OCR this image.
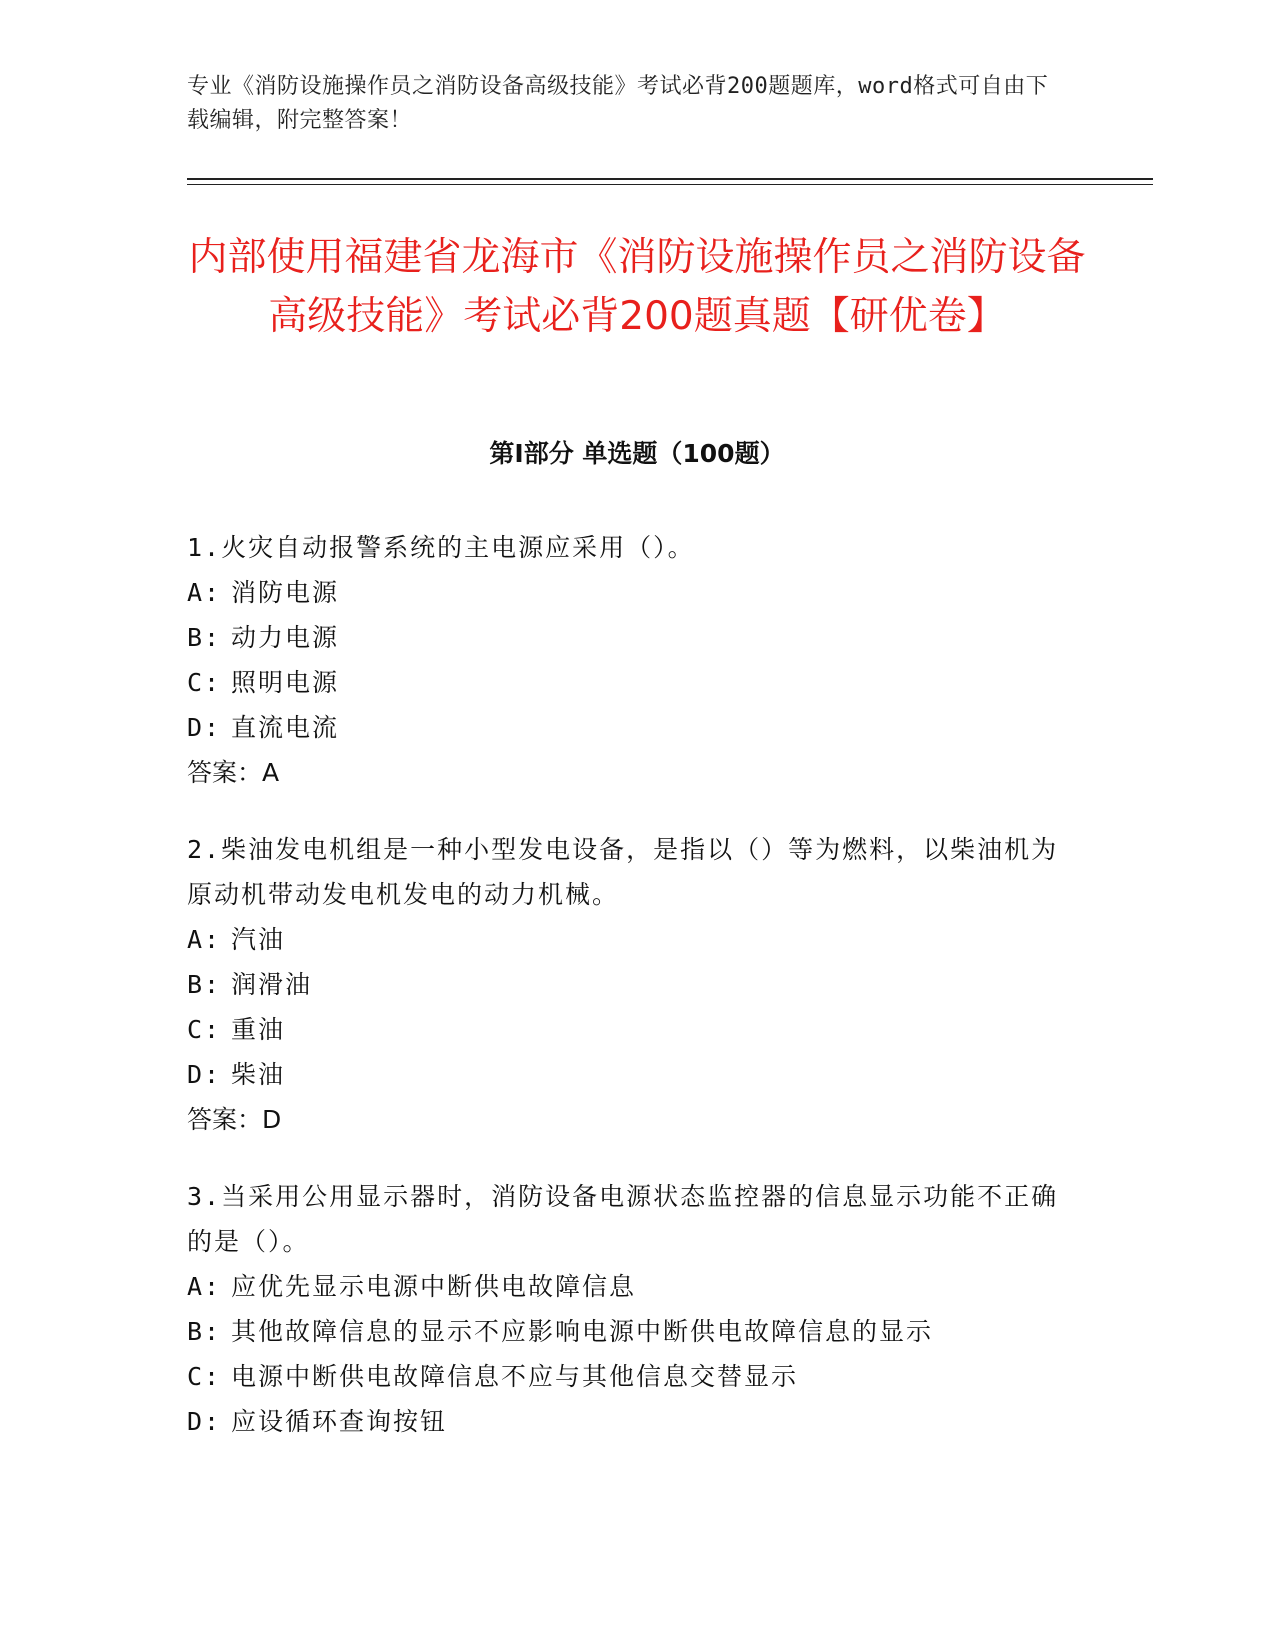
专业《消防设施操作员之消防设备高级技能》考试必背200题题库，word格式可自由下载编辑，附完整答案！
内部使用福建省龙海市《消防设施操作员之消防设备高级技能》考试必背200题真题【研优卷】
第I部分 单选题（100题）

1.火灾自动报警系统的主电源应采用（）。

A: 消防电源

B: 动力电源

C: 照明电源

D: 直流电流

答案：A

2.柴油发电机组是一种小型发电设备，是指以（）等为燃料，以柴油机为原动机带动发电机发电的动力机械。

A: 汽油

B: 润滑油

C: 重油

D: 柴油

答案：D

3.当采用公用显示器时，消防设备电源状态监控器的信息显示功能不正确的是（）。

A: 应优先显示电源中断供电故障信息

B: 其他故障信息的显示不应影响电源中断供电故障信息的显示

C: 电源中断供电故障信息不应与其他信息交替显示

D: 应设循环查询按钮
